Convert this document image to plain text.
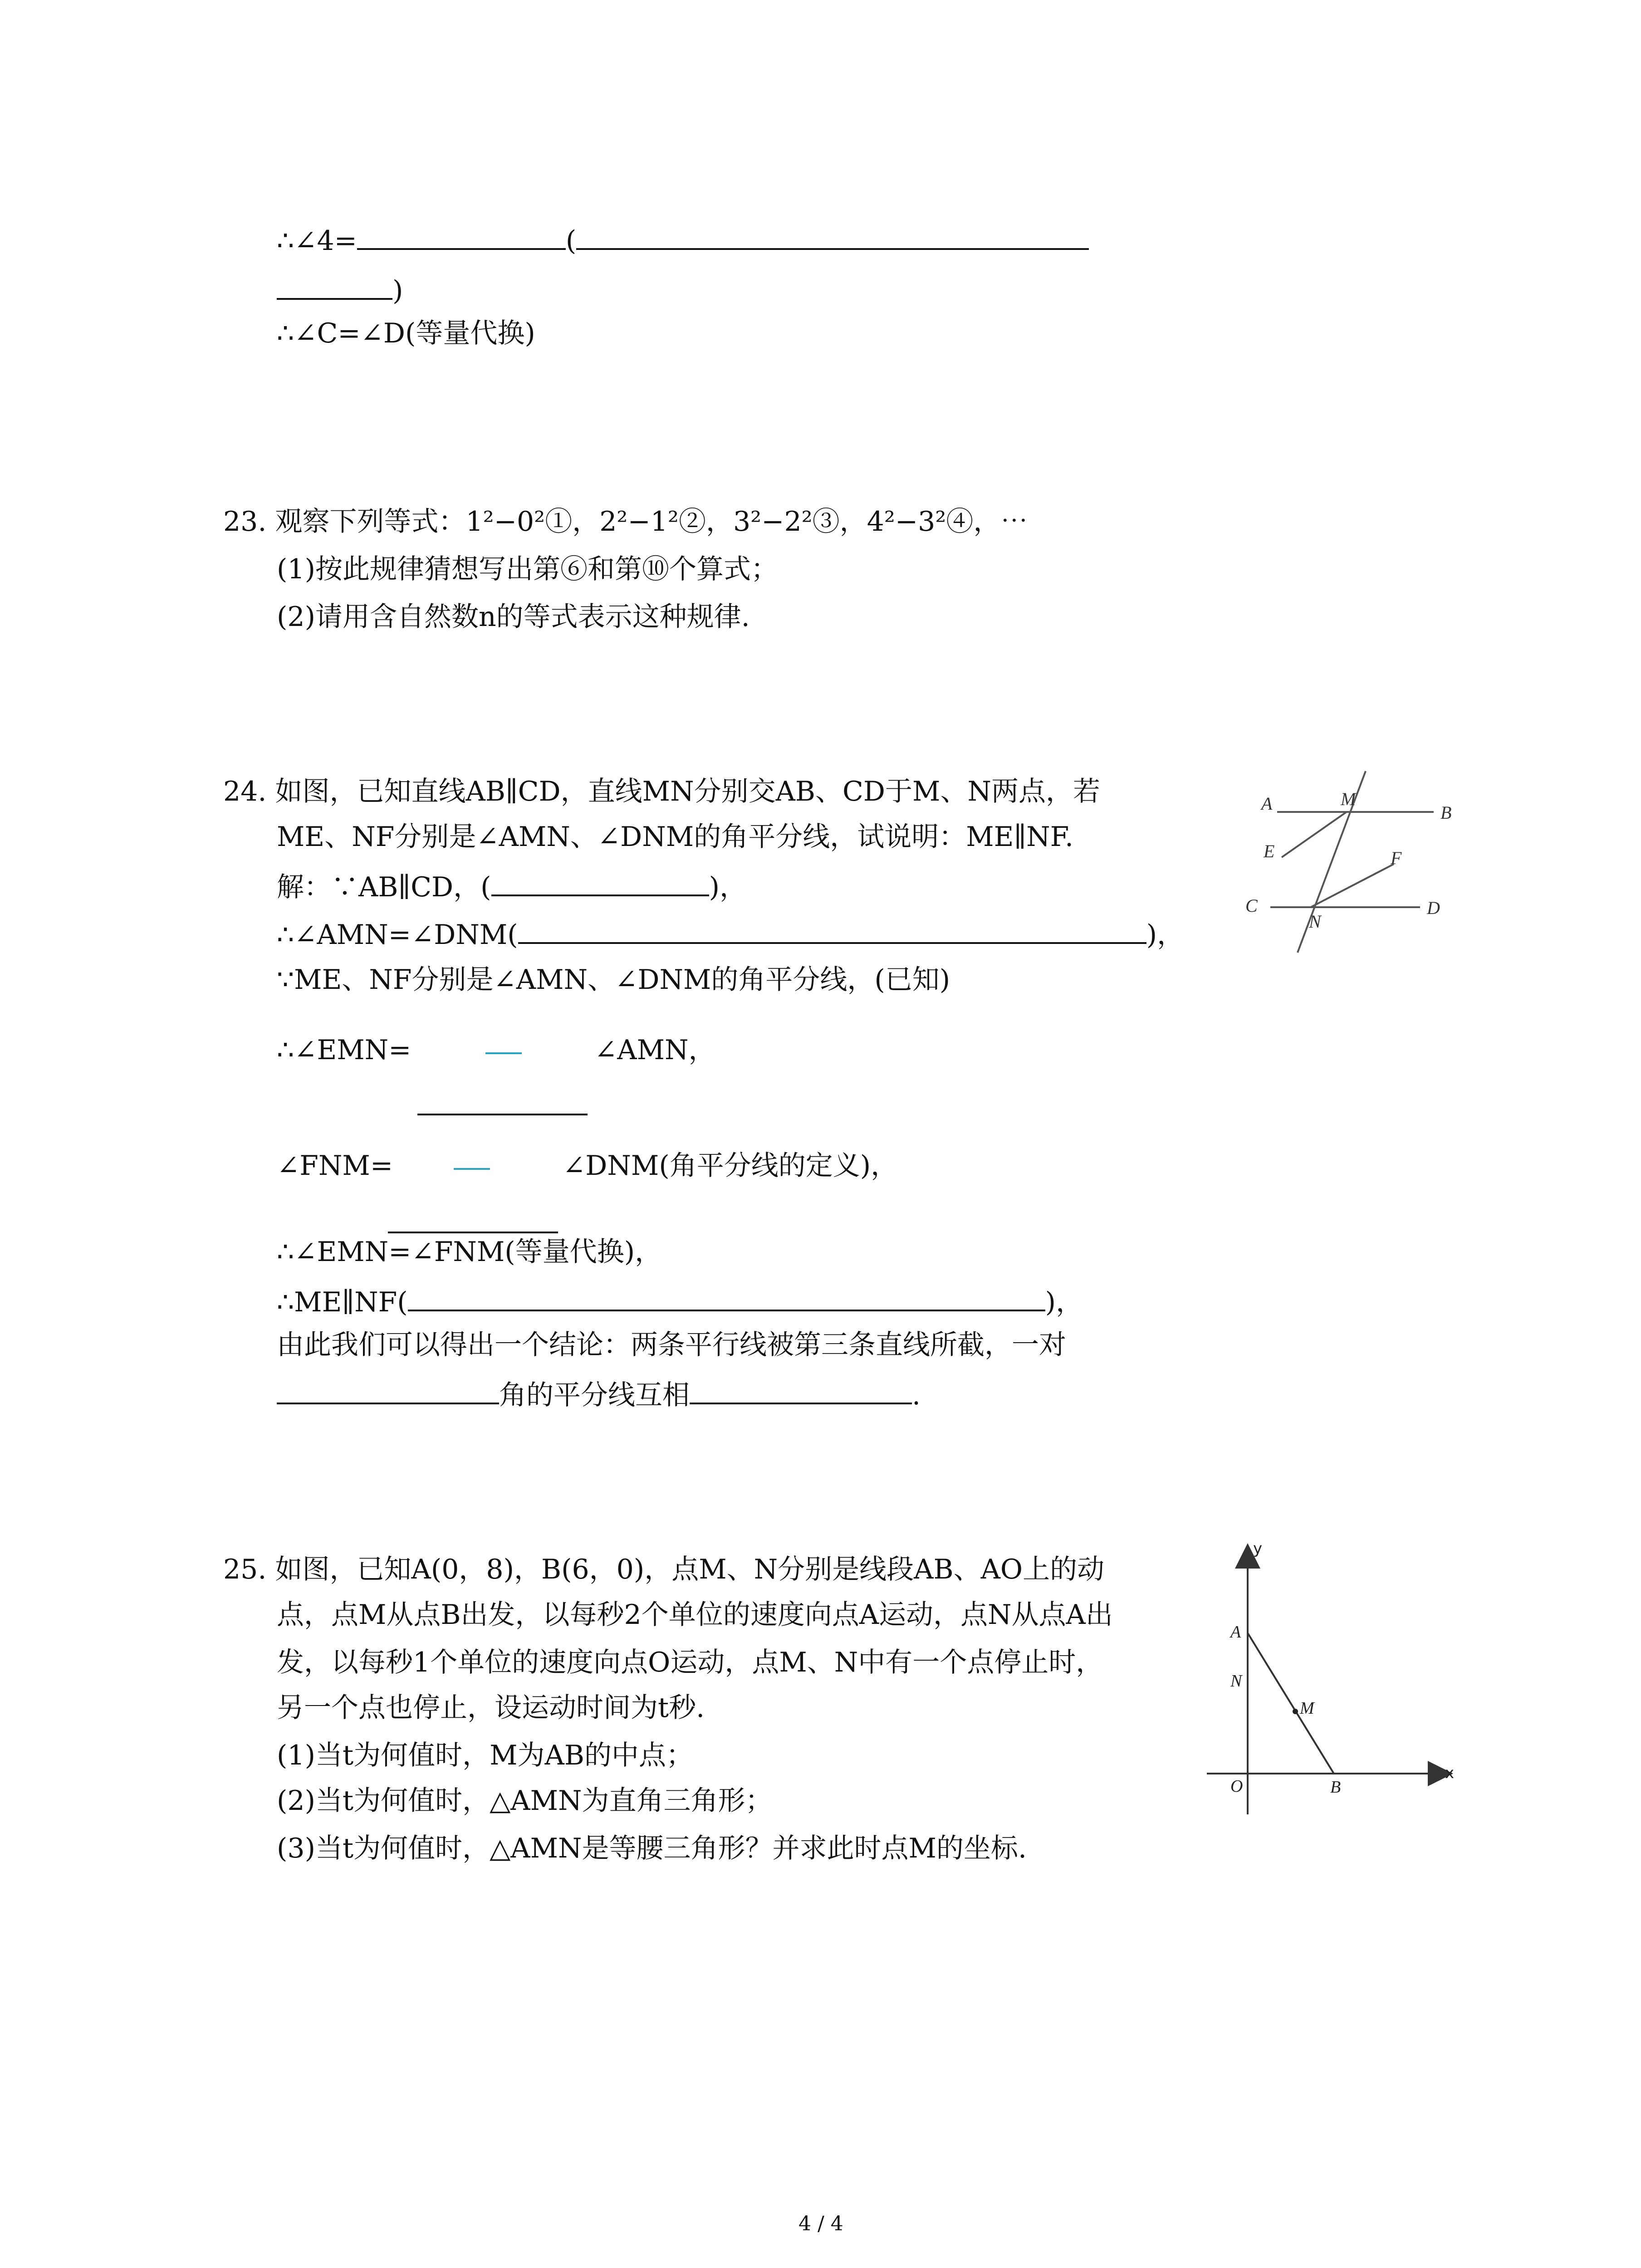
∴∠4=	(
)
∴∠C=∠D(等量代换)
23. 观察下列等式：1²−0²①，2²−1²②，3²−2²③，4²−3²④，⋯
(1)按此规律猜想写出第⑥和第⑩个算式；
(2)请用含自然数n的等式表示这种规律.
24. 如图，已知直线AB∥CD，直线MN分别交AB、CD于M、N两点，若
ME、NF分别是∠AMN、∠DNM的角平分线，试说明：ME∥NF.
解：∵AB∥CD，(	)，
∴∠AMN=∠DNM(	)，
∵ME、NF分别是∠AMN、∠DNM的角平分线，(已知)
∴∠EMN=	∠AMN，
∠FNM=	∠DNM(角平分线的定义)，
∴∠EMN=∠FNM(等量代换)，
∴ME∥NF(	)，
由此我们可以得出一个结论：两条平行线被第三条直线所截，一对
角的平分线互相	.
A	M
B
E	F
C
N
D
25. 如图，已知A(0，8)，B(6，0)，点M、N分别是线段AB、AO上的动
点，点M从点B出发，以每秒2个单位的速度向点A运动，点N从点A出
发，以每秒1个单位的速度向点O运动，点M、N中有一个点停止时，
另一个点也停止，设运动时间为t秒.
(1)当t为何值时，M为AB的中点；
(2)当t为何值时，△AMN为直角三角形；
(3)当t为何值时，△AMN是等腰三角形？并求此时点M的坐标.
y
x
A
N
M
O	B
4 / 4
